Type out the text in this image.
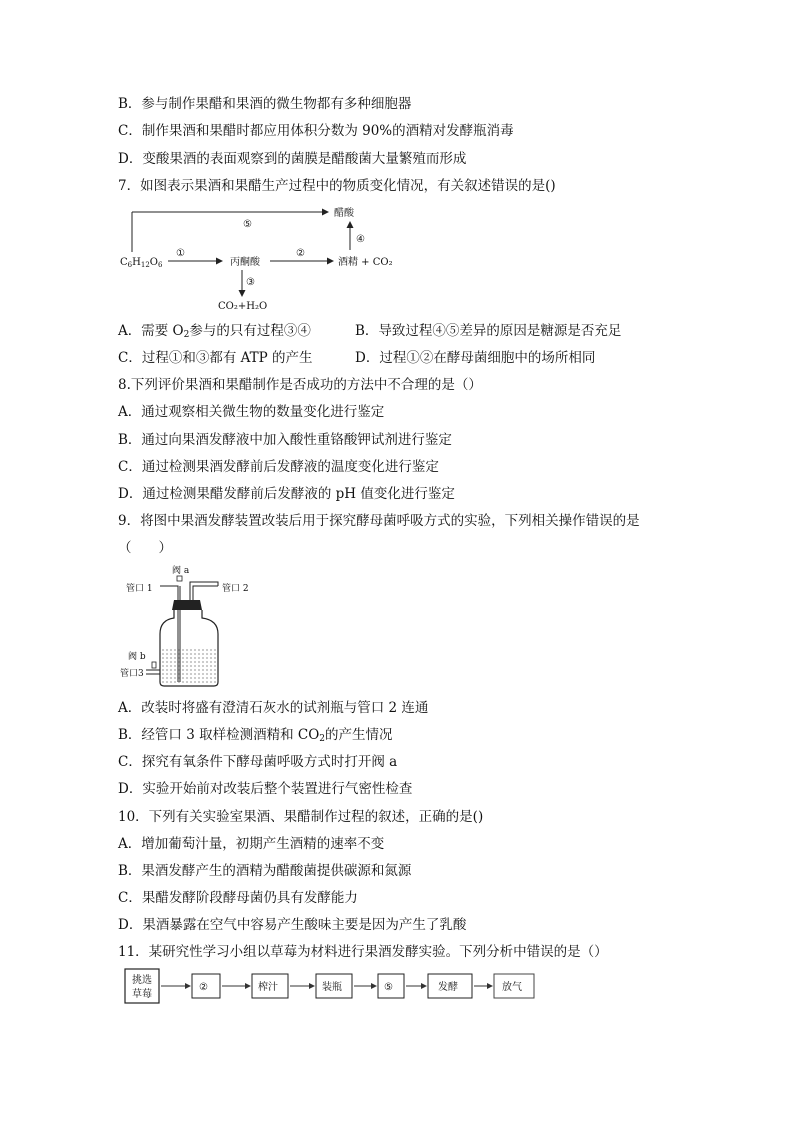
B．参与制作果醋和果酒的微生物都有多种细胞器
C．制作果酒和果醋时都应用体积分数为 90%的酒精对发酵瓶消毒
D．变酸果酒的表面观察到的菌膜是醋酸菌大量繁殖而形成
7．如图表示果酒和果醋生产过程中的物质变化情况，有关叙述错误的是()
$C_6H_{12}O_6$
⑤
醋酸
①
丙酮酸
②
酒精 + CO₂
④
③
CO₂+H₂O
A．需要 $O_2$参与的只有过程③④	B．导致过程④⑤差异的原因是糖源是否充足
C．过程①和③都有 ATP 的产生	D．过程①②在酵母菌细胞中的场所相同
8.下列评价果酒和果醋制作是否成功的方法中不合理的是（）
A．通过观察相关微生物的数量变化进行鉴定
B．通过向果酒发酵液中加入酸性重铬酸钾试剂进行鉴定
C．通过检测果酒发酵前后发酵液的温度变化进行鉴定
D．通过检测果醋发酵前后发酵液的 pH 值变化进行鉴定
9．将图中果酒发酵装置改装后用于探究酵母菌呼吸方式的实验，下列相关操作错误的是
（　　）
阀 a
管口 1	管口 2
阀 b
管口3
A．改装时将盛有澄清石灰水的试剂瓶与管口 2 连通
B．经管口 3 取样检测酒精和 $CO_2$的产生情况
C．探究有氧条件下酵母菌呼吸方式时打开阀 a
D．实验开始前对改装后整个装置进行气密性检查
10．下列有关实验室果酒、果醋制作过程的叙述，正确的是()
A．增加葡萄汁量，初期产生酒精的速率不变
B．果酒发酵产生的酒精为醋酸菌提供碳源和氮源
C．果醋发酵阶段酵母菌仍具有发酵能力
D．果酒暴露在空气中容易产生酸味主要是因为产生了乳酸
11．某研究性学习小组以草莓为材料进行果酒发酵实验。下列分析中错误的是（）
挑选
草莓
②	榨汁	装瓶	⑤	发酵	放气
